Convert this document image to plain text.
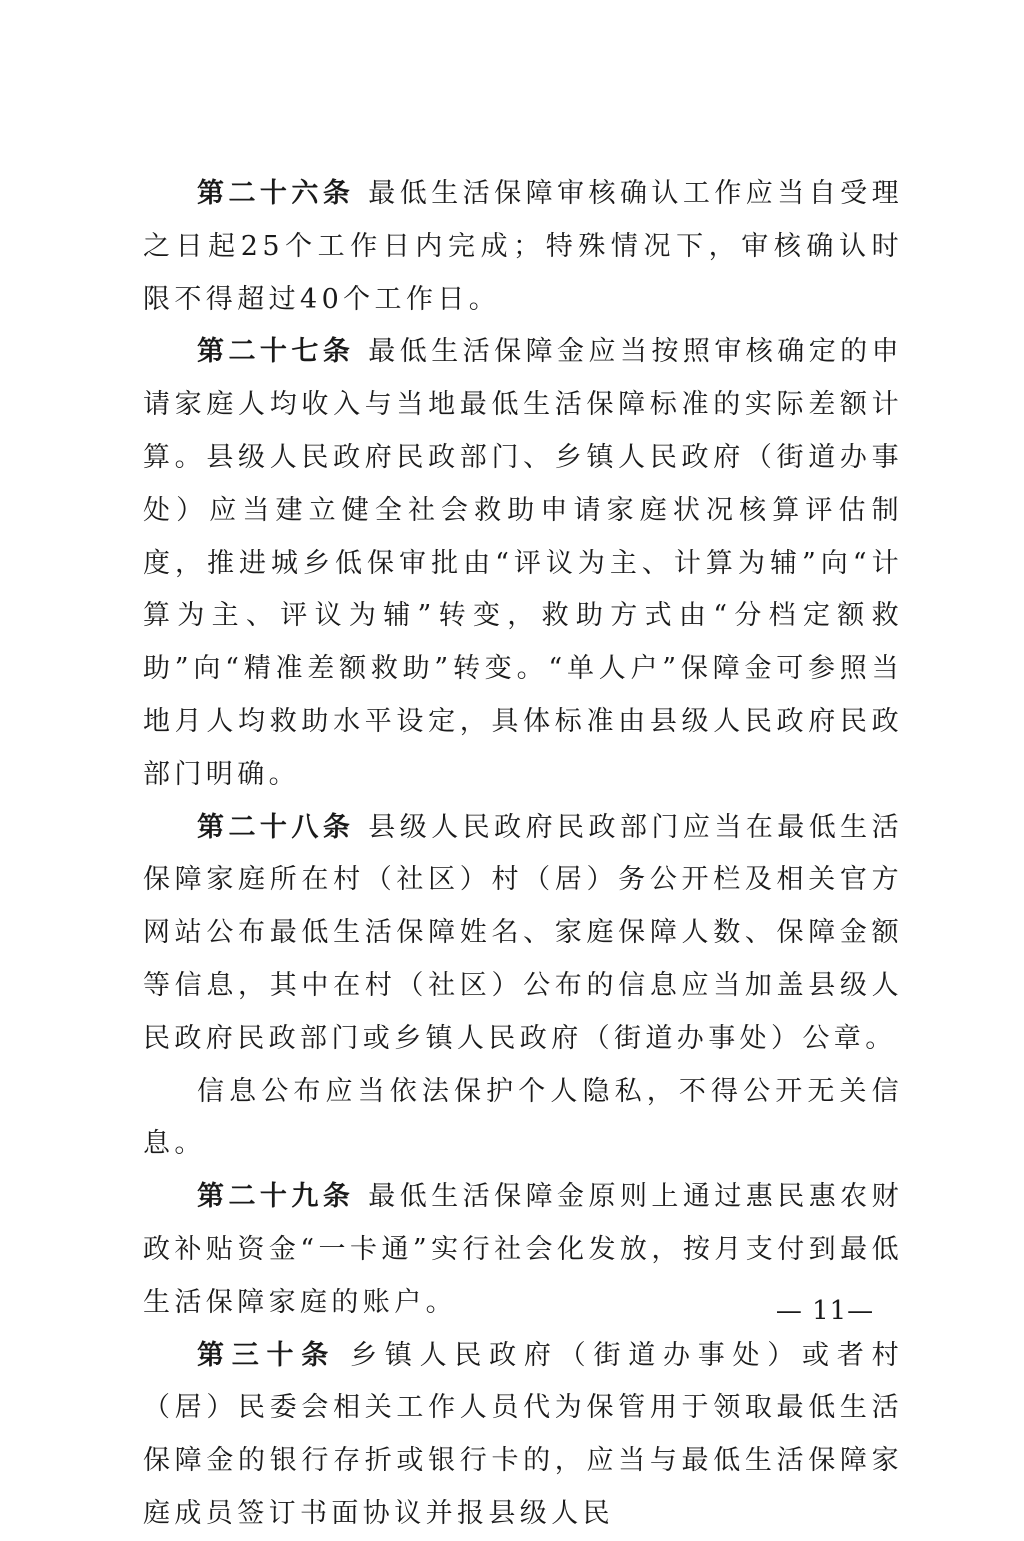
第二十六条 最低生活保障审核确认工作应当自受理之日起25个工作日内完成；特殊情况下，审核确认时限不得超过40个工作日。

第二十七条 最低生活保障金应当按照审核确定的申请家庭人均收入与当地最低生活保障标准的实际差额计算。县级人民政府民政部门、乡镇人民政府（街道办事处）应当建立健全社会救助申请家庭状况核算评估制度，推进城乡低保审批由“评议为主、计算为辅”向“计算为主、评议为辅”转变，救助方式由“分档定额救助”向“精准差额救助”转变。“单人户”保障金可参照当地月人均救助水平设定，具体标准由县级人民政府民政部门明确。

第二十八条 县级人民政府民政部门应当在最低生活保障家庭所在村（社区）村（居）务公开栏及相关官方网站公布最低生活保障姓名、家庭保障人数、保障金额等信息，其中在村（社区）公布的信息应当加盖县级人民政府民政部门或乡镇人民政府（街道办事处）公章。

信息公布应当依法保护个人隐私，不得公开无关信息。

第二十九条 最低生活保障金原则上通过惠民惠农财政补贴资金“一卡通”实行社会化发放，按月支付到最低生活保障家庭的账户。

第三十条 乡镇人民政府（街道办事处）或者村（居）民委会相关工作人员代为保管用于领取最低生活保障金的银行存折或银行卡的，应当与最低生活保障家庭成员签订书面协议并报县级人民

— 11—
